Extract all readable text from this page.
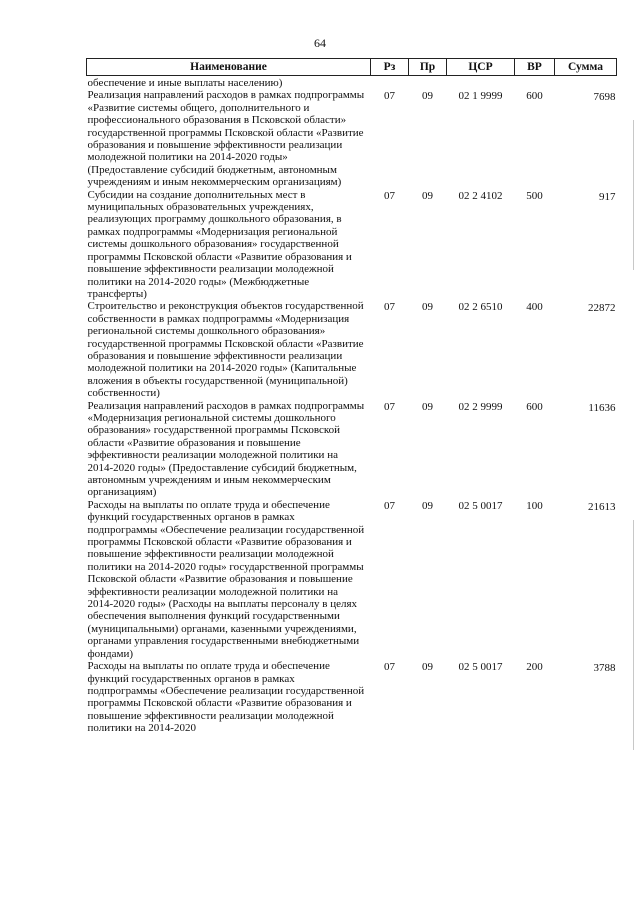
64
Наименование	Рз	Пр	ЦСР	ВР	Сумма
обеспечение и иные выплаты населению)					
Реализация направлений расходов в рамках подпрограммы «Развитие системы общего, дополнительного и профессионального образования в Псковской области» государственной программы Псковской области «Развитие образования и повышение эффективности реализации молодежной политики на 2014-2020 годы» (Предоставление субсидий бюджетным, автономным учреждениям и иным некоммерческим организациям)	07	09	02 1 9999	600	7698
Субсидии на создание дополнительных мест в муниципальных образовательных учреждениях, реализующих программу дошкольного образования, в рамках подпрограммы «Модернизация региональной системы дошкольного образования» государственной программы Псковской области «Развитие образования и повышение эффективности реализации молодежной политики на 2014-2020 годы» (Межбюджетные трансферты)	07	09	02 2 4102	500	917
Строительство и реконструкция объектов государственной собственности в рамках подпрограммы «Модернизация региональной системы дошкольного образования» государственной программы Псковской области «Развитие образования и повышение эффективности реализации молодежной политики на 2014-2020 годы» (Капитальные вложения в объекты государственной (муниципальной) собственности)	07	09	02 2 6510	400	22872
Реализация направлений расходов в рамках подпрограммы «Модернизация региональной системы дошкольного образования» государственной программы Псковской области «Развитие образования и повышение эффективности реализации молодежной политики на 2014-2020 годы» (Предоставление субсидий бюджетным, автономным учреждениям и иным некоммерческим организациям)	07	09	02 2 9999	600	11636
Расходы на выплаты по оплате труда и обеспечение функций государственных органов в рамках подпрограммы «Обеспечение реализации государственной программы Псковской области «Развитие образования и повышение эффективности реализации молодежной политики на 2014-2020 годы» государственной программы Псковской области «Развитие образования и повышение эффективности реализации молодежной политики на 2014-2020 годы» (Расходы на выплаты персоналу в целях обеспечения выполнения функций государственными (муниципальными) органами, казенными учреждениями, органами управления государственными внебюджетными фондами)	07	09	02 5 0017	100	21613
Расходы на выплаты по оплате труда и обеспечение функций государственных органов в рамках подпрограммы «Обеспечение реализации государственной программы Псковской области «Развитие образования и повышение эффективности реализации молодежной политики на 2014-2020	07	09	02 5 0017	200	3788
